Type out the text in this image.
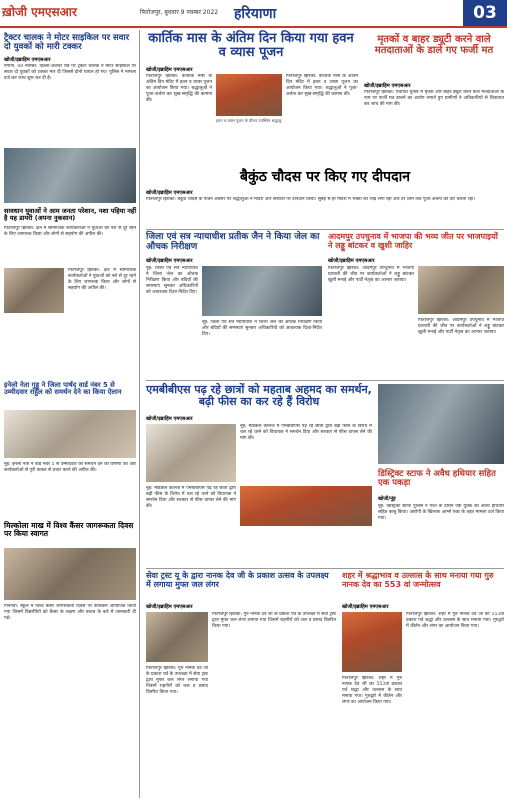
ख़ोजी एमएसआर	फिरोजपुर, बुधवार 9 नवम्बर 2022 हरियाणा	03
ट्रैक्टर चालक ने मोटर साइकिल पर सवार दो युवकों को मारी टक्कर
खोजी/इब्राहिम एमएसआर
नगीना, 08 नवम्बर: दिल्ली-अलवर रोड पर ट्रैक्टर चालक ने मोटर साइकिल पर सवार दो युवकों को टक्कर मार दी जिससे दोनों घायल हो गए। पुलिस ने मामला दर्ज कर जांच शुरू कर दी है।
सावधान युवाओं ने आम जनता परेशान, नशा पहिया नहीं है यह डायरी (अपना नुकसान)
फिरोजपुर झिरका: क्षेत्र में सामाजिक कार्यकर्ताओं ने युवाओं को नशे से दूर रहने के लिए जागरूक किया और लोगों से सहयोग की अपील की।
फिरोजपुर झिरका: क्षेत्र में सामाजिक कार्यकर्ताओं ने युवाओं को नशे से दूर रहने के लिए जागरूक किया और लोगों से सहयोग की अपील की।
इनेलो नेता गुड्डु ने जिला पार्षद वार्ड नंबर 5 से उम्मीदवार राहुल को समर्थन देने का किया ऐलान
नूंह: इनेलो नेता ने वार्ड नंबर 5 से उम्मीदवार को समर्थन देने की घोषणा की और कार्यकर्ताओं से पूरी ताकत से प्रचार करने की अपील की।
मिल्कोला माख में विश्व कैंसर जागरूकता दिवस पर किया स्वागत
पिनंगवां: स्कूल में विश्व कैंसर जागरूकता दिवस पर कार्यक्रम आयोजित किया गया जिसमें विद्यार्थियों को कैंसर के लक्षण और बचाव के बारे में जानकारी दी गई।
कार्तिक मास के अंतिम दिन किया गया हवन व व्यास पूजन
खोजी/इब्राहिम एमएसआर
फिरोजपुर झिरका: कार्तिक मास के अंतिम दिन मंदिर में हवन व व्यास पूजन का आयोजन किया गया। श्रद्धालुओं ने पूजा-अर्चना कर सुख-समृद्धि की कामना की।
हवन व व्यास पूजन के दौरान उपस्थित श्रद्धालु
फिरोजपुर झिरका: कार्तिक मास के अंतिम दिन मंदिर में हवन व व्यास पूजन का आयोजन किया गया। श्रद्धालुओं ने पूजा-अर्चना कर सुख-समृद्धि की कामना की।
मृतकों व बाहर ड्यूटी करने वाले मतदाताओं के डाले गए फर्जी मत
खोजी/इब्राहिम एमएसआर
फिरोजपुर झिरका: पंचायत चुनाव में मृतक और बाहर ड्यूटी करने वाले मतदाताओं के नाम पर फर्जी मत डालने का आरोप लगाते हुए ग्रामीणों ने अधिकारियों से शिकायत कर जांच की मांग की।
बैकुंठ चौदस पर किए गए दीपदान
खोजी/इब्राहिम एमएसआर
फिरोजपुर झिरका: बैकुंठ चौदस के पावन अवसर पर श्रद्धालुओं ने मंदिरों और सरोवरों पर दीपदान किया। सुबह से ही मंदिरों में भक्तों की भीड़ लगी रही और देर शाम तक पूजा-अर्चना का दौर चलता रहा।
जिला एवं सत्र न्यायाधीश प्रतीक जैन ने किया जेल का औचक निरीक्षण
खोजी/इब्राहिम एमएसआर
नूंह: जिला एवं सत्र न्यायाधीश ने जिला जेल का औचक निरीक्षण किया और बंदियों की समस्याएं सुनकर अधिकारियों को आवश्यक दिशा-निर्देश दिए।
नूंह: जिला एवं सत्र न्यायाधीश ने जिला जेल का औचक निरीक्षण किया और बंदियों की समस्याएं सुनकर अधिकारियों को आवश्यक दिशा-निर्देश दिए।
आदमपुर उपचुनाव में भाजपा की भव्य जीत पर भाजपाइयों ने लड्डू बांटकर व खुशी जाहिर
खोजी/इब्राहिम एमएसआर
फिरोजपुर झिरका: आदमपुर उपचुनाव में भाजपा प्रत्याशी की जीत पर कार्यकर्ताओं ने लड्डू बांटकर खुशी मनाई और पार्टी नेतृत्व का आभार जताया।
फिरोजपुर झिरका: आदमपुर उपचुनाव में भाजपा प्रत्याशी की जीत पर कार्यकर्ताओं ने लड्डू बांटकर खुशी मनाई और पार्टी नेतृत्व का आभार जताया।
एमबीबीएस पढ़ रहे छात्रों को महताब अहमद का समर्थन, बढ़ी फीस का कर रहे हैं विरोध
खोजी/इब्राहिम एमएसआर
नूंह: मेडिकल कॉलेज में एमबीबीएस पढ़ रहे छात्रों द्वारा बढ़ी फीस के विरोध में चल रहे धरने को विधायक ने समर्थन दिया और सरकार से फीस वापस लेने की मांग की।
नूंह: मेडिकल कॉलेज में एमबीबीएस पढ़ रहे छात्रों द्वारा बढ़ी फीस के विरोध में चल रहे धरने को विधायक ने समर्थन दिया और सरकार से फीस वापस लेने की मांग की।
डिस्ट्रिक्ट स्टाफ ने अवैध हथियार सहित एक पकड़ा
खोजी/नूंह
नूंह: डिस्ट्रिक्ट स्टाफ पुलिस ने गश्त के दौरान एक युवक को अवैध हथियार सहित काबू किया। आरोपी के खिलाफ आर्म्स एक्ट के तहत मामला दर्ज किया गया।
सेवा ट्रस्ट यू के द्वारा नानक देव जी के प्रकाश उत्सव के उपलक्ष्य में लगाया मुफ्त जल लंगर
खोजी/इब्राहिम एमएसआर
फिरोजपुर झिरका: गुरु नानक देव जी के प्रकाश पर्व के उपलक्ष्य में सेवा ट्रस्ट द्वारा मुफ्त जल लंगर लगाया गया जिसमें राहगीरों को जल व प्रसाद वितरित किया गया।
फिरोजपुर झिरका: गुरु नानक देव जी के प्रकाश पर्व के उपलक्ष्य में सेवा ट्रस्ट द्वारा मुफ्त जल लंगर लगाया गया जिसमें राहगीरों को जल व प्रसाद वितरित किया गया।
शहर में श्रद्धाभाव व उल्लास के साथ मनाया गया गुरु नानक देव का 553 वां जन्मोत्सव
खोजी/इब्राहिम एमएसआर
फिरोजपुर झिरका: शहर में गुरु नानक देव जी का 553वां प्रकाश पर्व श्रद्धा और उल्लास के साथ मनाया गया। गुरुद्वारे में कीर्तन और लंगर का आयोजन किया गया।
फिरोजपुर झिरका: शहर में गुरु नानक देव जी का 553वां प्रकाश पर्व श्रद्धा और उल्लास के साथ मनाया गया। गुरुद्वारे में कीर्तन और लंगर का आयोजन किया गया।
